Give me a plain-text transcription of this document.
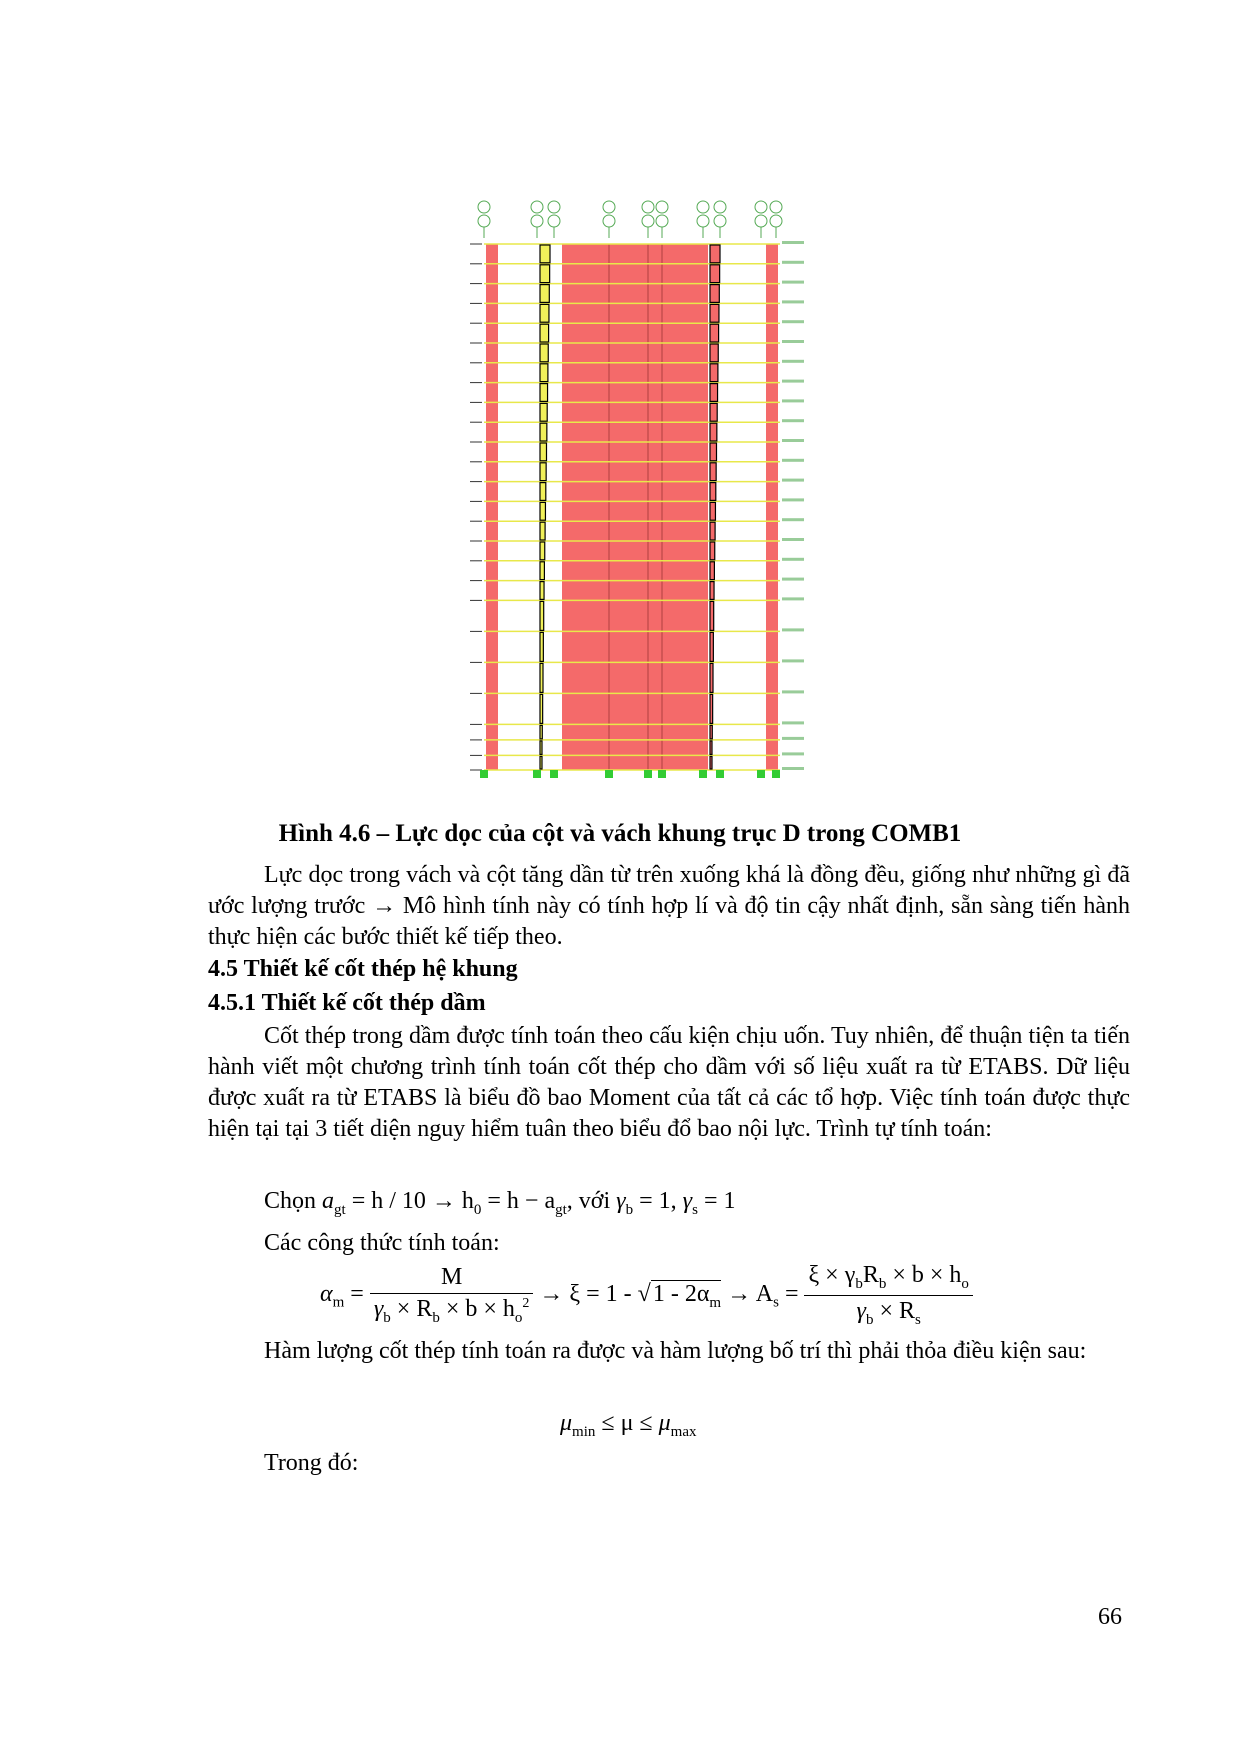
Hình 4.6 – Lực dọc của cột và vách khung trục D trong COMB1

Lực dọc trong vách và cột tăng dần từ trên xuống khá là đồng đều, giống như những gì đã ước lượng trước → Mô hình tính này có tính hợp lí và độ tin cậy nhất định, sẵn sàng tiến hành thực hiện các bước thiết kế tiếp theo.

4.5 Thiết kế cốt thép hệ khung
4.5.1 Thiết kế cốt thép dầm

Cốt thép trong dầm được tính toán theo cấu kiện chịu uốn. Tuy nhiên, để thuận tiện ta tiến hành viết một chương trình tính toán cốt thép cho dầm với số liệu xuất ra từ ETABS. Dữ liệu được xuất ra từ ETABS là biểu đồ bao Moment của tất cả các tổ hợp. Việc tính toán được thực hiện tại tại 3 tiết diện nguy hiểm tuân theo biểu đổ bao nội lực. Trình tự tính toán:

Chọn $a_{gt} = h / 10 \to h_0 = h - a_{gt}$, với $\gamma_b = 1$, $\gamma_s = 1$
Các công thức tính toán:
$\alpha_m = \frac{M}{\gamma_b \times R_b \times b \times h_o^2} \to \xi = 1 - √1 - 2\alpha_m \to A_s = \frac{\xi \times \gamma_bR_b \times b \times h_o}{\gamma_b \times R_s}$

Hàm lượng cốt thép tính toán ra được và hàm lượng bố trí thì phải thỏa điều kiện sau:

$\mu_{min} \le \mu \le \mu_{max}$
Trong đó:
66
